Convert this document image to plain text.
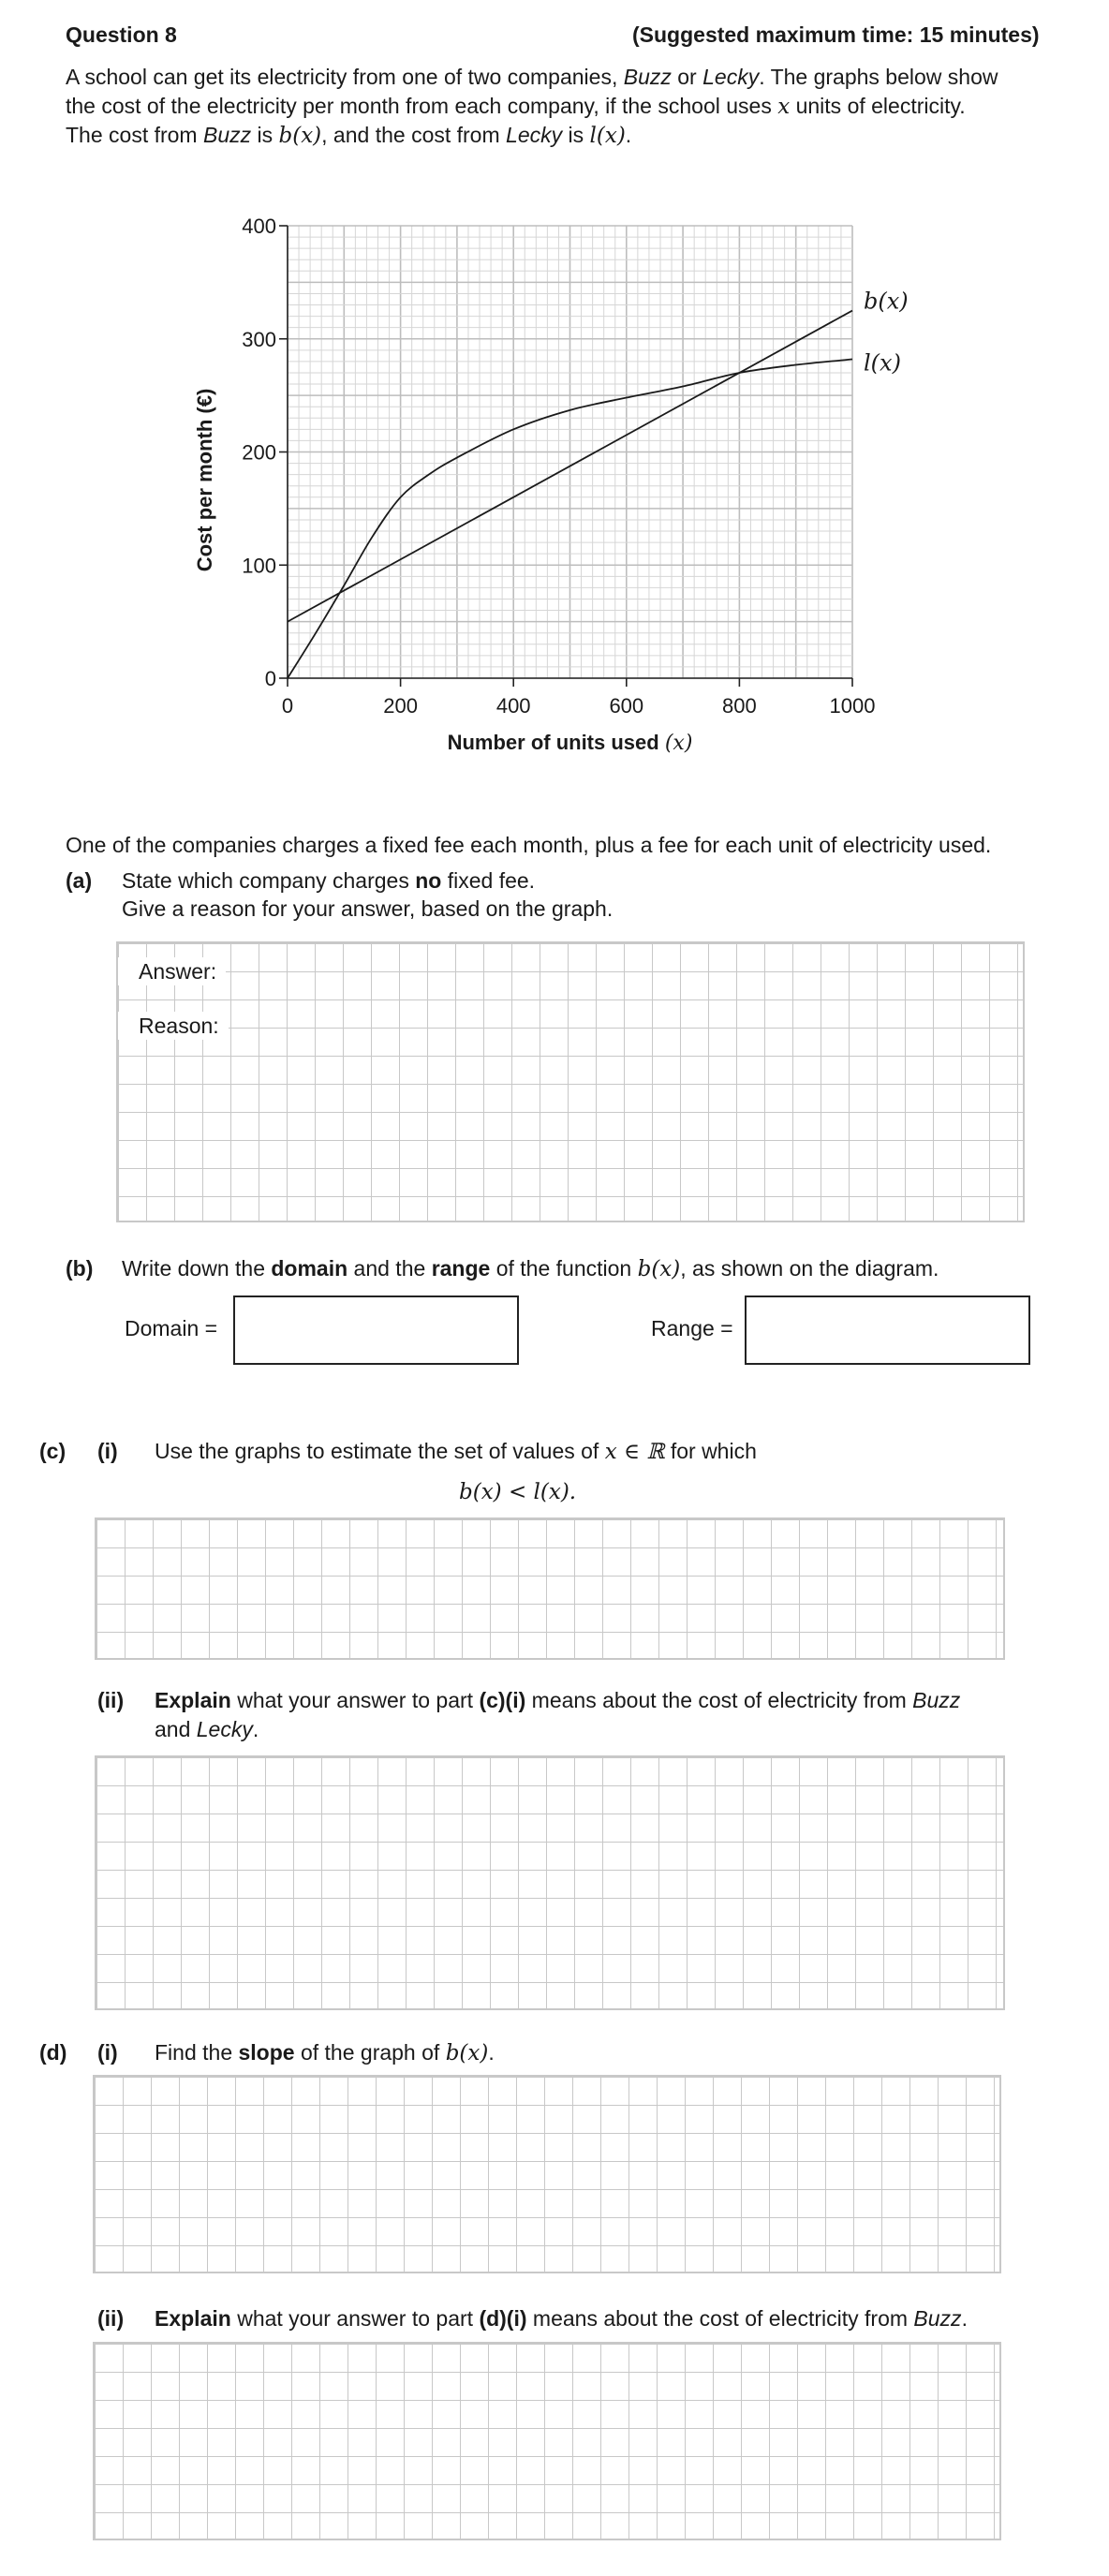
Question 8	(Suggested maximum time: 15 minutes)
A school can get its electricity from one of two companies, Buzz or Lecky. The graphs below show
the cost of the electricity per month from each company, if the school uses x units of electricity.
The cost from Buzz is b(x), and the cost from Lecky is l(x).
0	200	400	600	800	1000
0
100
200
300
400
b(x)
l(x)
Number of units used (x)
Cost per month (€)
One of the companies charges a fixed fee each month, plus a fee for each unit of electricity used.
(a) State which company charges no fixed fee.
Give a reason for your answer, based on the graph.
Answer:
Reason:
(b) Write down the domain and the range of the function b(x), as shown on the diagram.
Domain =	Range =
(c) (i) Use the graphs to estimate the set of values of x ∈ ℝ for which
b(x) < l(x).
(ii) Explain what your answer to part (c)(i) means about the cost of electricity from Buzz
and Lecky.
(d) (i) Find the slope of the graph of b(x).
(ii) Explain what your answer to part (d)(i) means about the cost of electricity from Buzz.
